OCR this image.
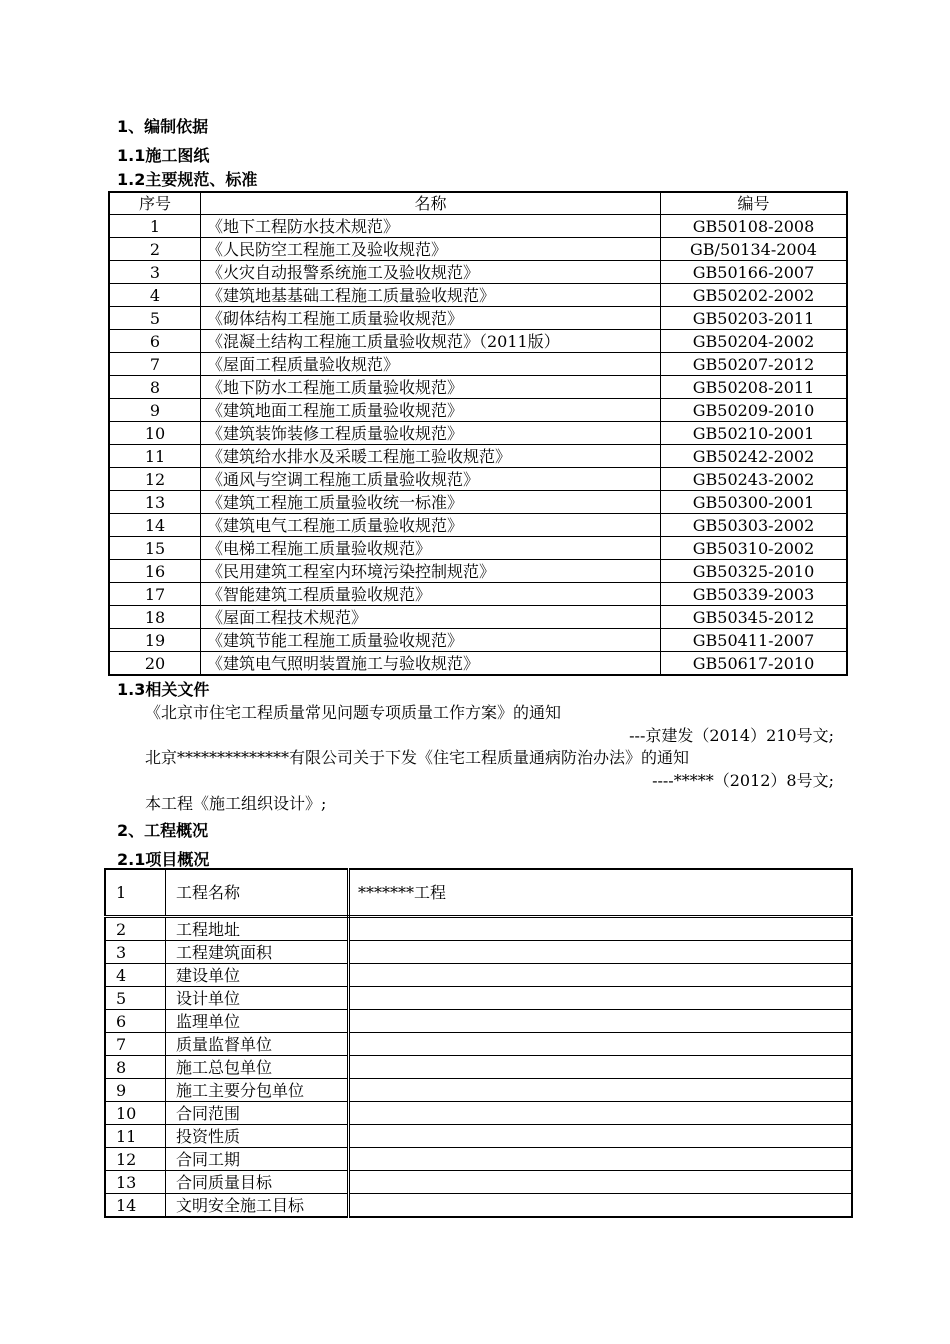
1、编制依据
1.1施工图纸
1.2主要规范、标准
序号	名称	编号
1	《地下工程防水技术规范》	GB50108-2008
2	《人民防空工程施工及验收规范》	GB/50134-2004
3	《火灾自动报警系统施工及验收规范》	GB50166-2007
4	《建筑地基基础工程施工质量验收规范》	GB50202-2002
5	《砌体结构工程施工质量验收规范》	GB50203-2011
6	《混凝土结构工程施工质量验收规范》（2011版）	GB50204-2002
7	《屋面工程质量验收规范》	GB50207-2012
8	《地下防水工程施工质量验收规范》	GB50208-2011
9	《建筑地面工程施工质量验收规范》	GB50209-2010
10	《建筑装饰装修工程质量验收规范》	GB50210-2001
11	《建筑给水排水及采暖工程施工验收规范》	GB50242-2002
12	《通风与空调工程施工质量验收规范》	GB50243-2002
13	《建筑工程施工质量验收统一标准》	GB50300-2001
14	《建筑电气工程施工质量验收规范》	GB50303-2002
15	《电梯工程施工质量验收规范》	GB50310-2002
16	《民用建筑工程室内环境污染控制规范》	GB50325-2010
17	《智能建筑工程质量验收规范》	GB50339-2003
18	《屋面工程技术规范》	GB50345-2012
19	《建筑节能工程施工质量验收规范》	GB50411-2007
20	《建筑电气照明装置施工与验收规范》	GB50617-2010
1.3相关文件
《北京市住宅工程质量常见问题专项质量工作方案》的通知
---京建发（2014）210号文;
北京**************有限公司关于下发《住宅工程质量通病防治办法》的通知
----*****（2012）8号文;
本工程《施工组织设计》;
2、工程概况
2.1项目概况
1	工程名称	*******工程
2	工程地址	
3	工程建筑面积	
4	建设单位	
5	设计单位	
6	监理单位	
7	质量监督单位	
8	施工总包单位	
9	施工主要分包单位	
10	合同范围	
11	投资性质	
12	合同工期	
13	合同质量目标	
14	文明安全施工目标	
